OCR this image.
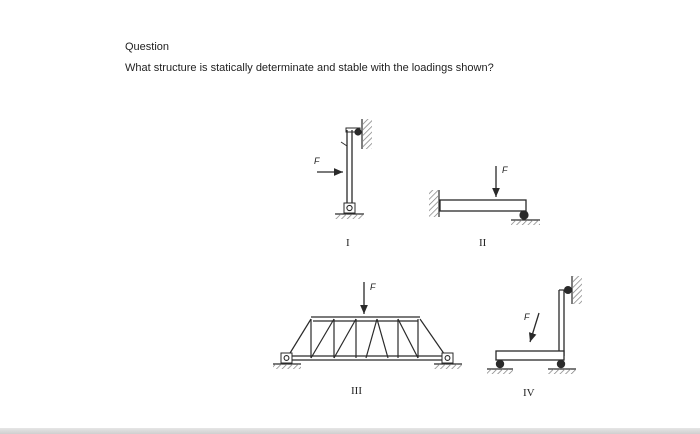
Question
What structure is statically determinate and stable with the loadings shown?
F
I
F
II
F
III
F
IV
